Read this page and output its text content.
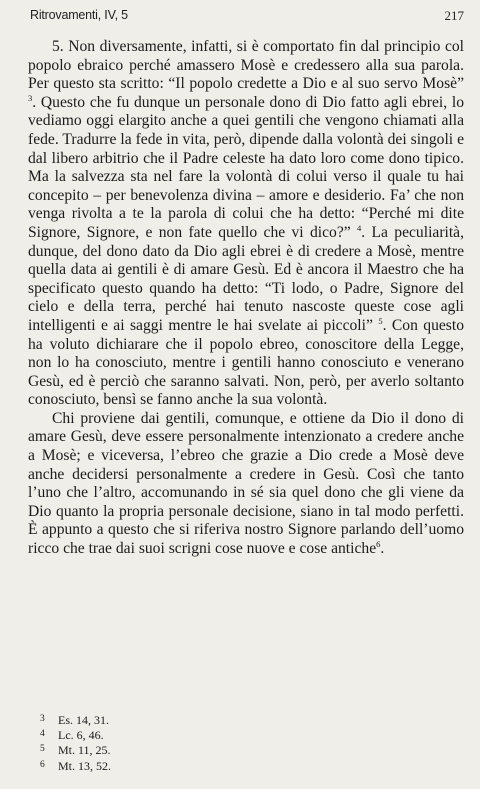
Ritrovamenti, IV, 5	217

5. Non diversamente, infatti, si è comportato fin dal principio col popolo ebraico perché amassero Mosè e credessero alla sua parola. Per questo sta scritto: “Il popolo credette a Dio e al suo servo Mosè” $^3$. Questo che fu dunque un personale dono di Dio fatto agli ebrei, lo vediamo oggi elargito anche a quei gentili che vengono chiamati alla fede. Tradurre la fede in vita, però, dipende dalla volontà dei singoli e dal libero arbitrio che il Padre celeste ha dato loro come dono tipico. Ma la salvezza sta nel fare la volontà di colui verso il quale tu hai concepito – per benevolenza divina – amore e desiderio. Fa’ che non venga rivolta a te la parola di colui che ha detto: “Perché mi dite Signore, Signore, e non fate quello che vi dico?” $^4$. La peculiarità, dunque, del dono dato da Dio agli ebrei è di credere a Mosè, mentre quella data ai gentili è di amare Gesù. Ed è ancora il Maestro che ha specificato questo quando ha detto: “Ti lodo, o Padre, Signore del cielo e della terra, perché hai tenuto nascoste queste cose agli intelligenti e ai saggi mentre le hai svelate ai piccoli” $^5$. Con questo ha voluto dichiarare che il popolo ebreo, conoscitore della Legge, non lo ha conosciuto, mentre i gentili hanno conosciuto e venerano Gesù, ed è perciò che saranno salvati. Non, però, per averlo soltanto conosciuto, bensì se fanno anche la sua volontà.

Chi proviene dai gentili, comunque, e ottiene da Dio il dono di amare Gesù, deve essere personalmente intenzionato a credere anche a Mosè; e viceversa, l’ebreo che grazie a Dio crede a Mosè deve anche decidersi personalmente a credere in Gesù. Così che tanto l’uno che l’altro, accomunando in sé sia quel dono che gli viene da Dio quanto la propria personale decisione, siano in tal modo perfetti. È appunto a questo che si riferiva nostro Signore parlando dell’uomo ricco che trae dai suoi scrigni cose nuove e cose antiche$^6$.

3 Es. 14, 31.
4 Lc. 6, 46.
5 Mt. 11, 25.
6 Mt. 13, 52.
